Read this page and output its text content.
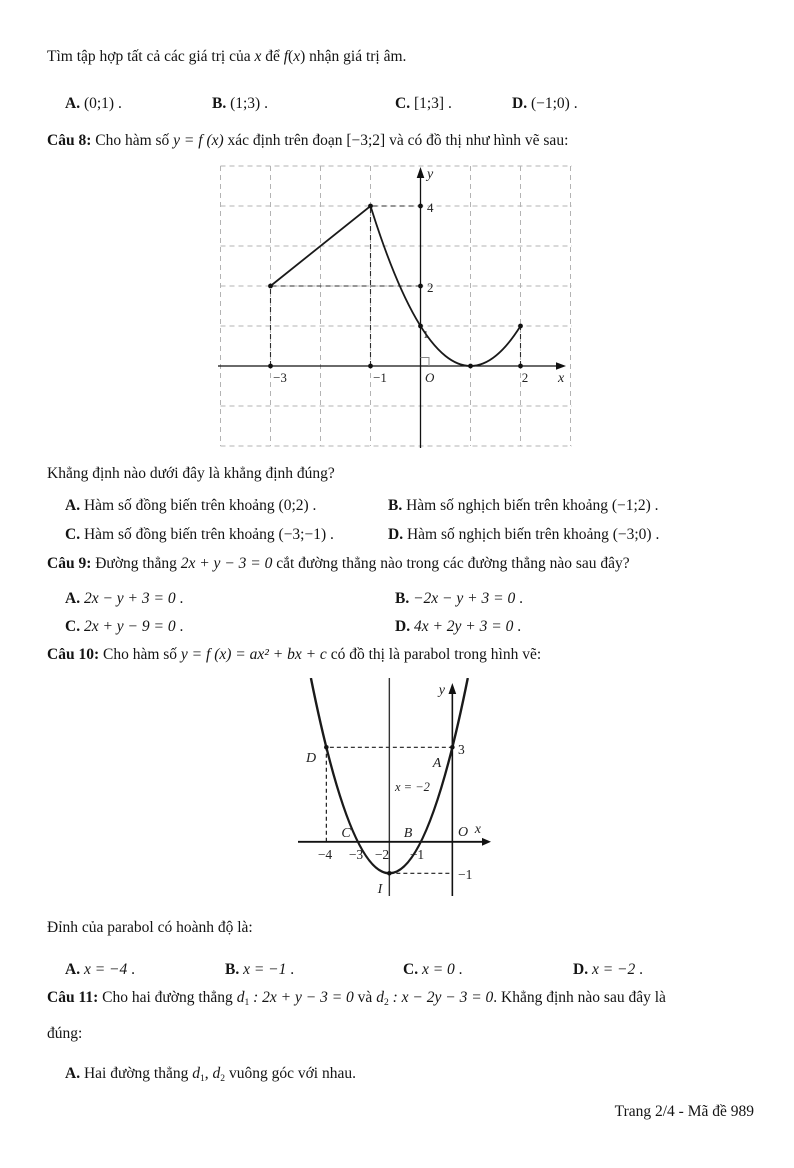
Tìm tập hợp tất cả các giá trị của x để f(x) nhận giá trị âm.

A. (0;1) .	B. (1;3) .	C. [1;3] .	D. (−1;0) .

Câu 8: Cho hàm số y = f (x) xác định trên đoạn [−3;2] và có đồ thị như hình vẽ sau:

y
4
2
1
−3	−1	O	2 x

Khẳng định nào dưới đây là khẳng định đúng?

A. Hàm số đồng biến trên khoảng (0;2) .	B. Hàm số nghịch biến trên khoảng (−1;2) .
C. Hàm số đồng biến trên khoảng (−3;−1) .	D. Hàm số nghịch biến trên khoảng (−3;0) .

Câu 9: Đường thẳng 2x + y − 3 = 0 cắt đường thẳng nào trong các đường thẳng nào sau đây?

A. 2x − y + 3 = 0 .	B. −2x − y + 3 = 0 .
C. 2x + y − 9 = 0 .	D. 4x + 2y + 3 = 0 .

Câu 10: Cho hàm số y = f (x) = ax² + bx + c có đồ thị là parabol trong hình vẽ:

y
x
3
−1
D	A
C	B	O
I
x = −2
−4 −3 −2 −1

Đỉnh của parabol có hoành độ là:

A. x = −4 .	B. x = −1 .	C. x = 0 .	D. x = −2 .

Câu 11: Cho hai đường thẳng $d_1$ : 2x + y − 3 = 0 và $d_2$ : x − 2y − 3 = 0. Khẳng định nào sau đây là

đúng:

A. Hai đường thẳng $d_1$, $d_2$ vuông góc với nhau.

Trang 2/4 - Mã đề 989
